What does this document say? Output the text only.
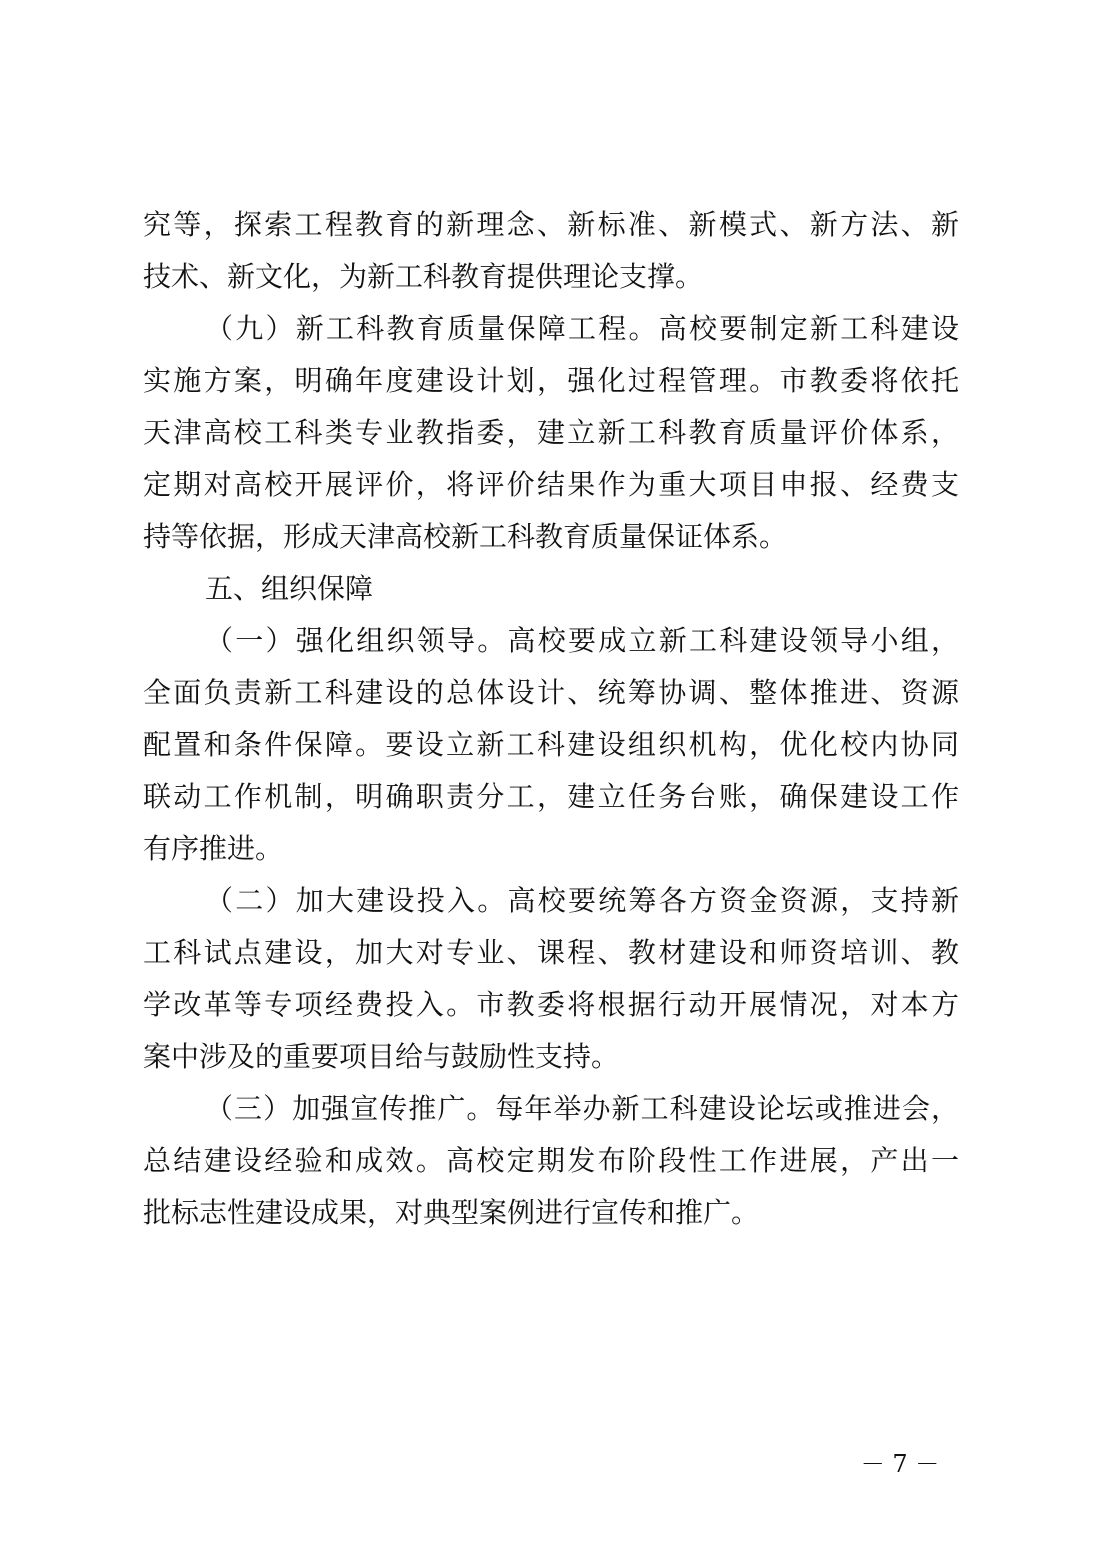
究等，探索工程教育的新理念、新标准、新模式、新方法、新
技术、新文化，为新工科教育提供理论支撑。
（九）新工科教育质量保障工程。高校要制定新工科建设
实施方案，明确年度建设计划，强化过程管理。市教委将依托
天津高校工科类专业教指委，建立新工科教育质量评价体系，
定期对高校开展评价，将评价结果作为重大项目申报、经费支
持等依据，形成天津高校新工科教育质量保证体系。
五、组织保障
（一）强化组织领导。高校要成立新工科建设领导小组，
全面负责新工科建设的总体设计、统筹协调、整体推进、资源
配置和条件保障。要设立新工科建设组织机构，优化校内协同
联动工作机制，明确职责分工，建立任务台账，确保建设工作
有序推进。
（二）加大建设投入。高校要统筹各方资金资源，支持新
工科试点建设，加大对专业、课程、教材建设和师资培训、教
学改革等专项经费投入。市教委将根据行动开展情况，对本方
案中涉及的重要项目给与鼓励性支持。
（三）加强宣传推广。每年举办新工科建设论坛或推进会，
总结建设经验和成效。高校定期发布阶段性工作进展，产出一
批标志性建设成果，对典型案例进行宣传和推广。
－ 7 －
